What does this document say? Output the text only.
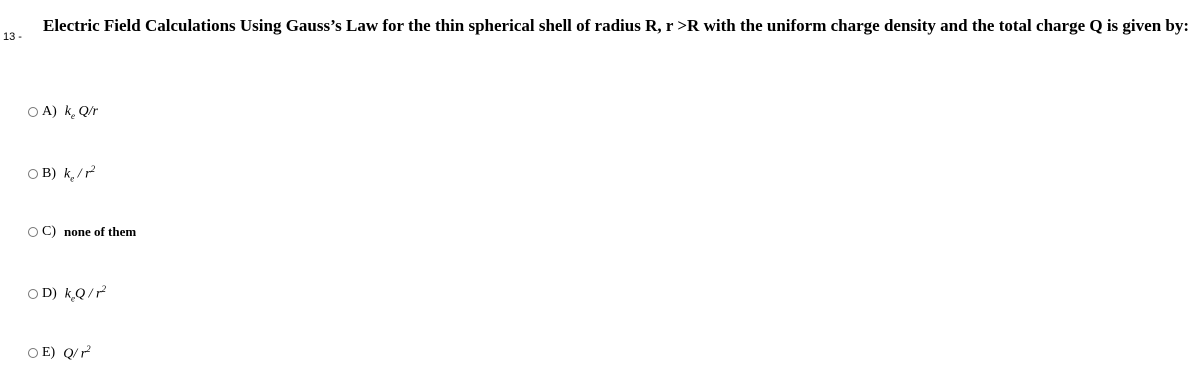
13 -
Electric Field Calculations Using Gauss’s Law for the thin spherical shell of radius R, r >R with the uniform charge density and the total charge Q is given by:
A) $k_e$ Q/r
B) $k_e / r^2$
C) none of them
D) $k_eQ / r^2$
E) Q/ $r^2$
